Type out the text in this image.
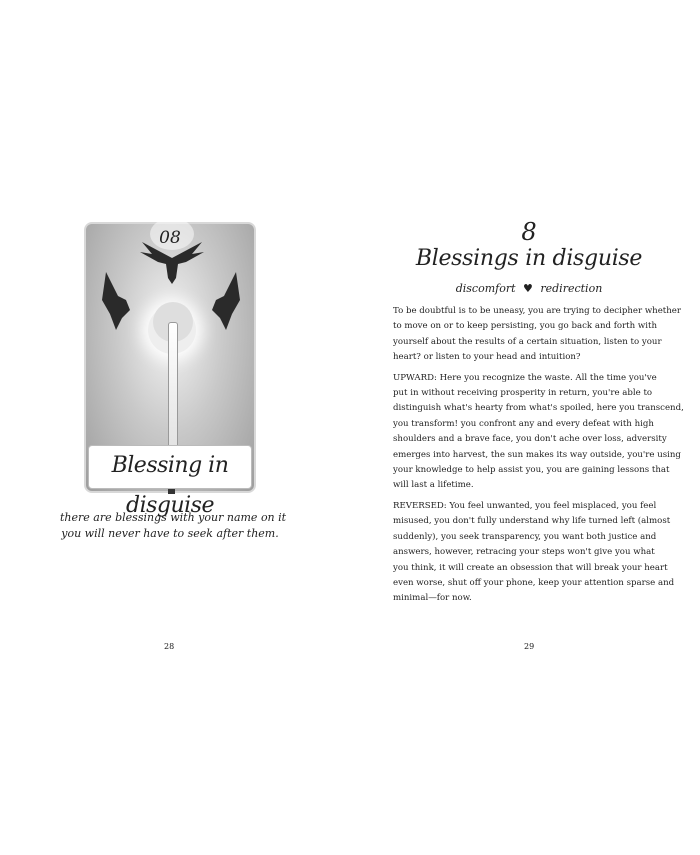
08
Blessing in disguise
there are blessings with your name on it
you will never have to seek after them.
28
8
Blessings in disguise
discomfort ♥ redirection

To be doubtful is to be uneasy, you are trying to decipher whether
to move on or to keep persisting, you go back and forth with
yourself about the results of a certain situation, listen to your
heart? or listen to your head and intuition?

UPWARD: Here you recognize the waste. All the time you've
put in without receiving prosperity in return, you're able to
distinguish what's hearty from what's spoiled, here you transcend,
you transform! you confront any and every defeat with high
shoulders and a brave face, you don't ache over loss, adversity
emerges into harvest, the sun makes its way outside, you're using
your knowledge to help assist you, you are gaining lessons that
will last a lifetime.

REVERSED: You feel unwanted, you feel misplaced, you feel
misused, you don't fully understand why life turned left (almost
suddenly), you seek transparency, you want both justice and
answers, however, retracing your steps won't give you what
you think, it will create an obsession that will break your heart
even worse, shut off your phone, keep your attention sparse and
minimal—for now.

29
